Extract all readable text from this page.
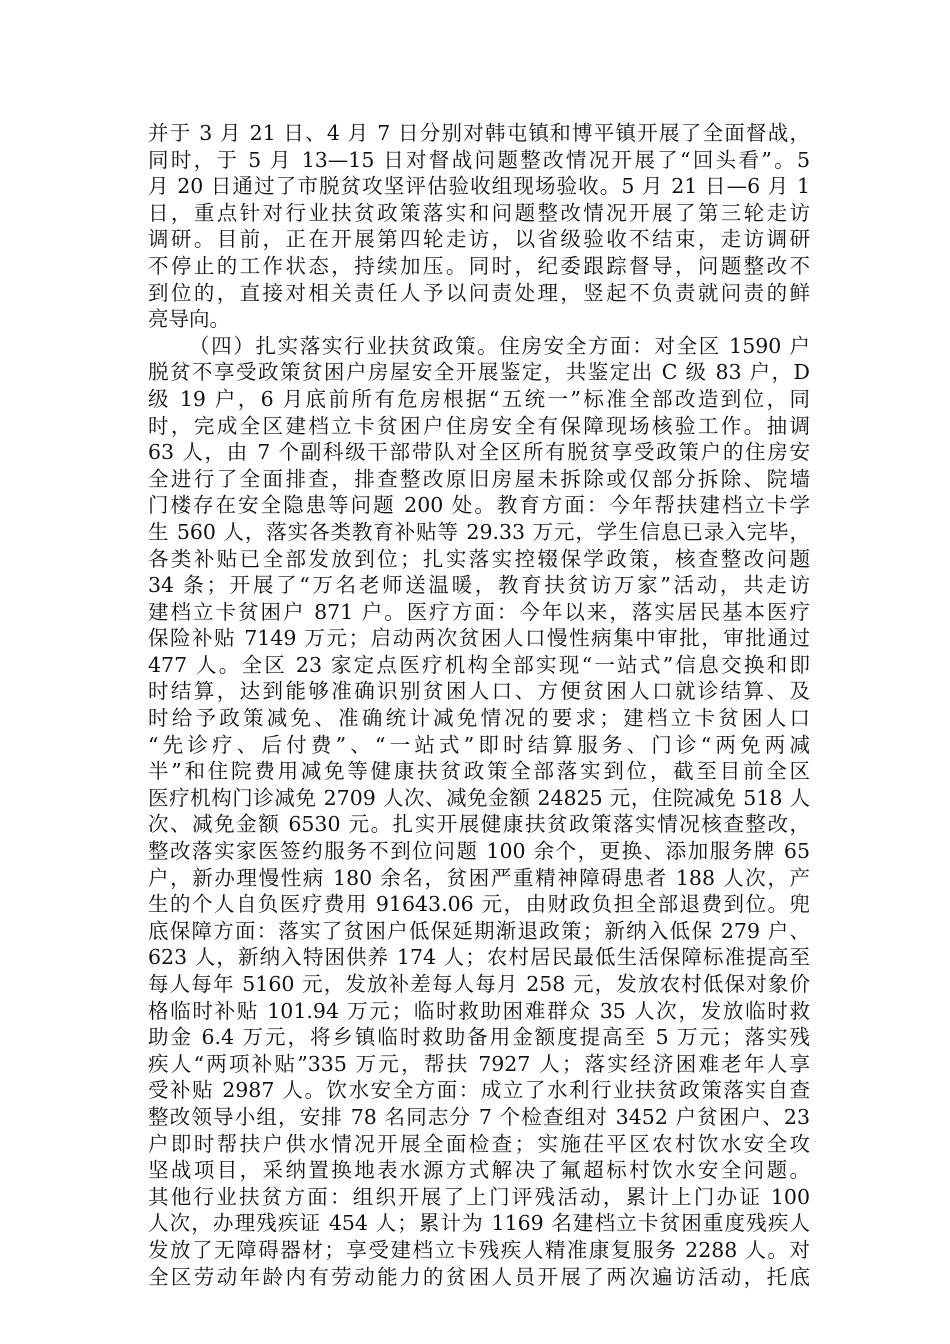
并于 3 月 21 日、4 月 7 日分别对韩屯镇和博平镇开展了全面督战，
同时，于 5 月 13—15 日对督战问题整改情况开展了“回头看”。5
月 20 日通过了市脱贫攻坚评估验收组现场验收。5 月 21 日—6 月 1
日，重点针对行业扶贫政策落实和问题整改情况开展了第三轮走访
调研。目前，正在开展第四轮走访，以省级验收不结束，走访调研
不停止的工作状态，持续加压。同时，纪委跟踪督导，问题整改不
到位的，直接对相关责任人予以问责处理，竖起不负责就问责的鲜
亮导向。
（四）扎实落实行业扶贫政策。住房安全方面：对全区 1590 户
脱贫不享受政策贫困户房屋安全开展鉴定，共鉴定出 C 级 83 户，D
级 19 户，6 月底前所有危房根据“五统一”标准全部改造到位，同
时，完成全区建档立卡贫困户住房安全有保障现场核验工作。抽调
63 人，由 7 个副科级干部带队对全区所有脱贫享受政策户的住房安
全进行了全面排查，排查整改原旧房屋未拆除或仅部分拆除、院墙
门楼存在安全隐患等问题 200 处。教育方面：今年帮扶建档立卡学
生 560 人，落实各类教育补贴等 29.33 万元，学生信息已录入完毕，
各类补贴已全部发放到位；扎实落实控辍保学政策，核查整改问题
34 条；开展了“万名老师送温暖，教育扶贫访万家”活动，共走访
建档立卡贫困户 871 户。医疗方面：今年以来，落实居民基本医疗
保险补贴 7149 万元；启动两次贫困人口慢性病集中审批，审批通过
477 人。全区 23 家定点医疗机构全部实现“一站式”信息交换和即
时结算，达到能够准确识别贫困人口、方便贫困人口就诊结算、及
时给予政策减免、准确统计减免情况的要求；建档立卡贫困人口
“先诊疗、后付费”、“一站式”即时结算服务、门诊“两免两减
半”和住院费用减免等健康扶贫政策全部落实到位，截至目前全区
医疗机构门诊减免 2709 人次、减免金额 24825 元，住院减免 518 人
次、减免金额 6530 元。扎实开展健康扶贫政策落实情况核查整改，
整改落实家医签约服务不到位问题 100 余个，更换、添加服务牌 65
户，新办理慢性病 180 余名，贫困严重精神障碍患者 188 人次，产
生的个人自负医疗费用 91643.06 元，由财政负担全部退费到位。兜
底保障方面：落实了贫困户低保延期渐退政策；新纳入低保 279 户、
623 人，新纳入特困供养 174 人；农村居民最低生活保障标准提高至
每人每年 5160 元，发放补差每人每月 258 元，发放农村低保对象价
格临时补贴 101.94 万元；临时救助困难群众 35 人次，发放临时救
助金 6.4 万元，将乡镇临时救助备用金额度提高至 5 万元；落实残
疾人“两项补贴”335 万元，帮扶 7927 人；落实经济困难老年人享
受补贴 2987 人。饮水安全方面：成立了水利行业扶贫政策落实自查
整改领导小组，安排 78 名同志分 7 个检查组对 3452 户贫困户、23
户即时帮扶户供水情况开展全面检查；实施茌平区农村饮水安全攻
坚战项目，采纳置换地表水源方式解决了氟超标村饮水安全问题。
其他行业扶贫方面：组织开展了上门评残活动，累计上门办证 100
人次，办理残疾证 454 人；累计为 1169 名建档立卡贫困重度残疾人
发放了无障碍器材；享受建档立卡残疾人精准康复服务 2288 人。对
全区劳动年龄内有劳动能力的贫困人员开展了两次遍访活动，托底
